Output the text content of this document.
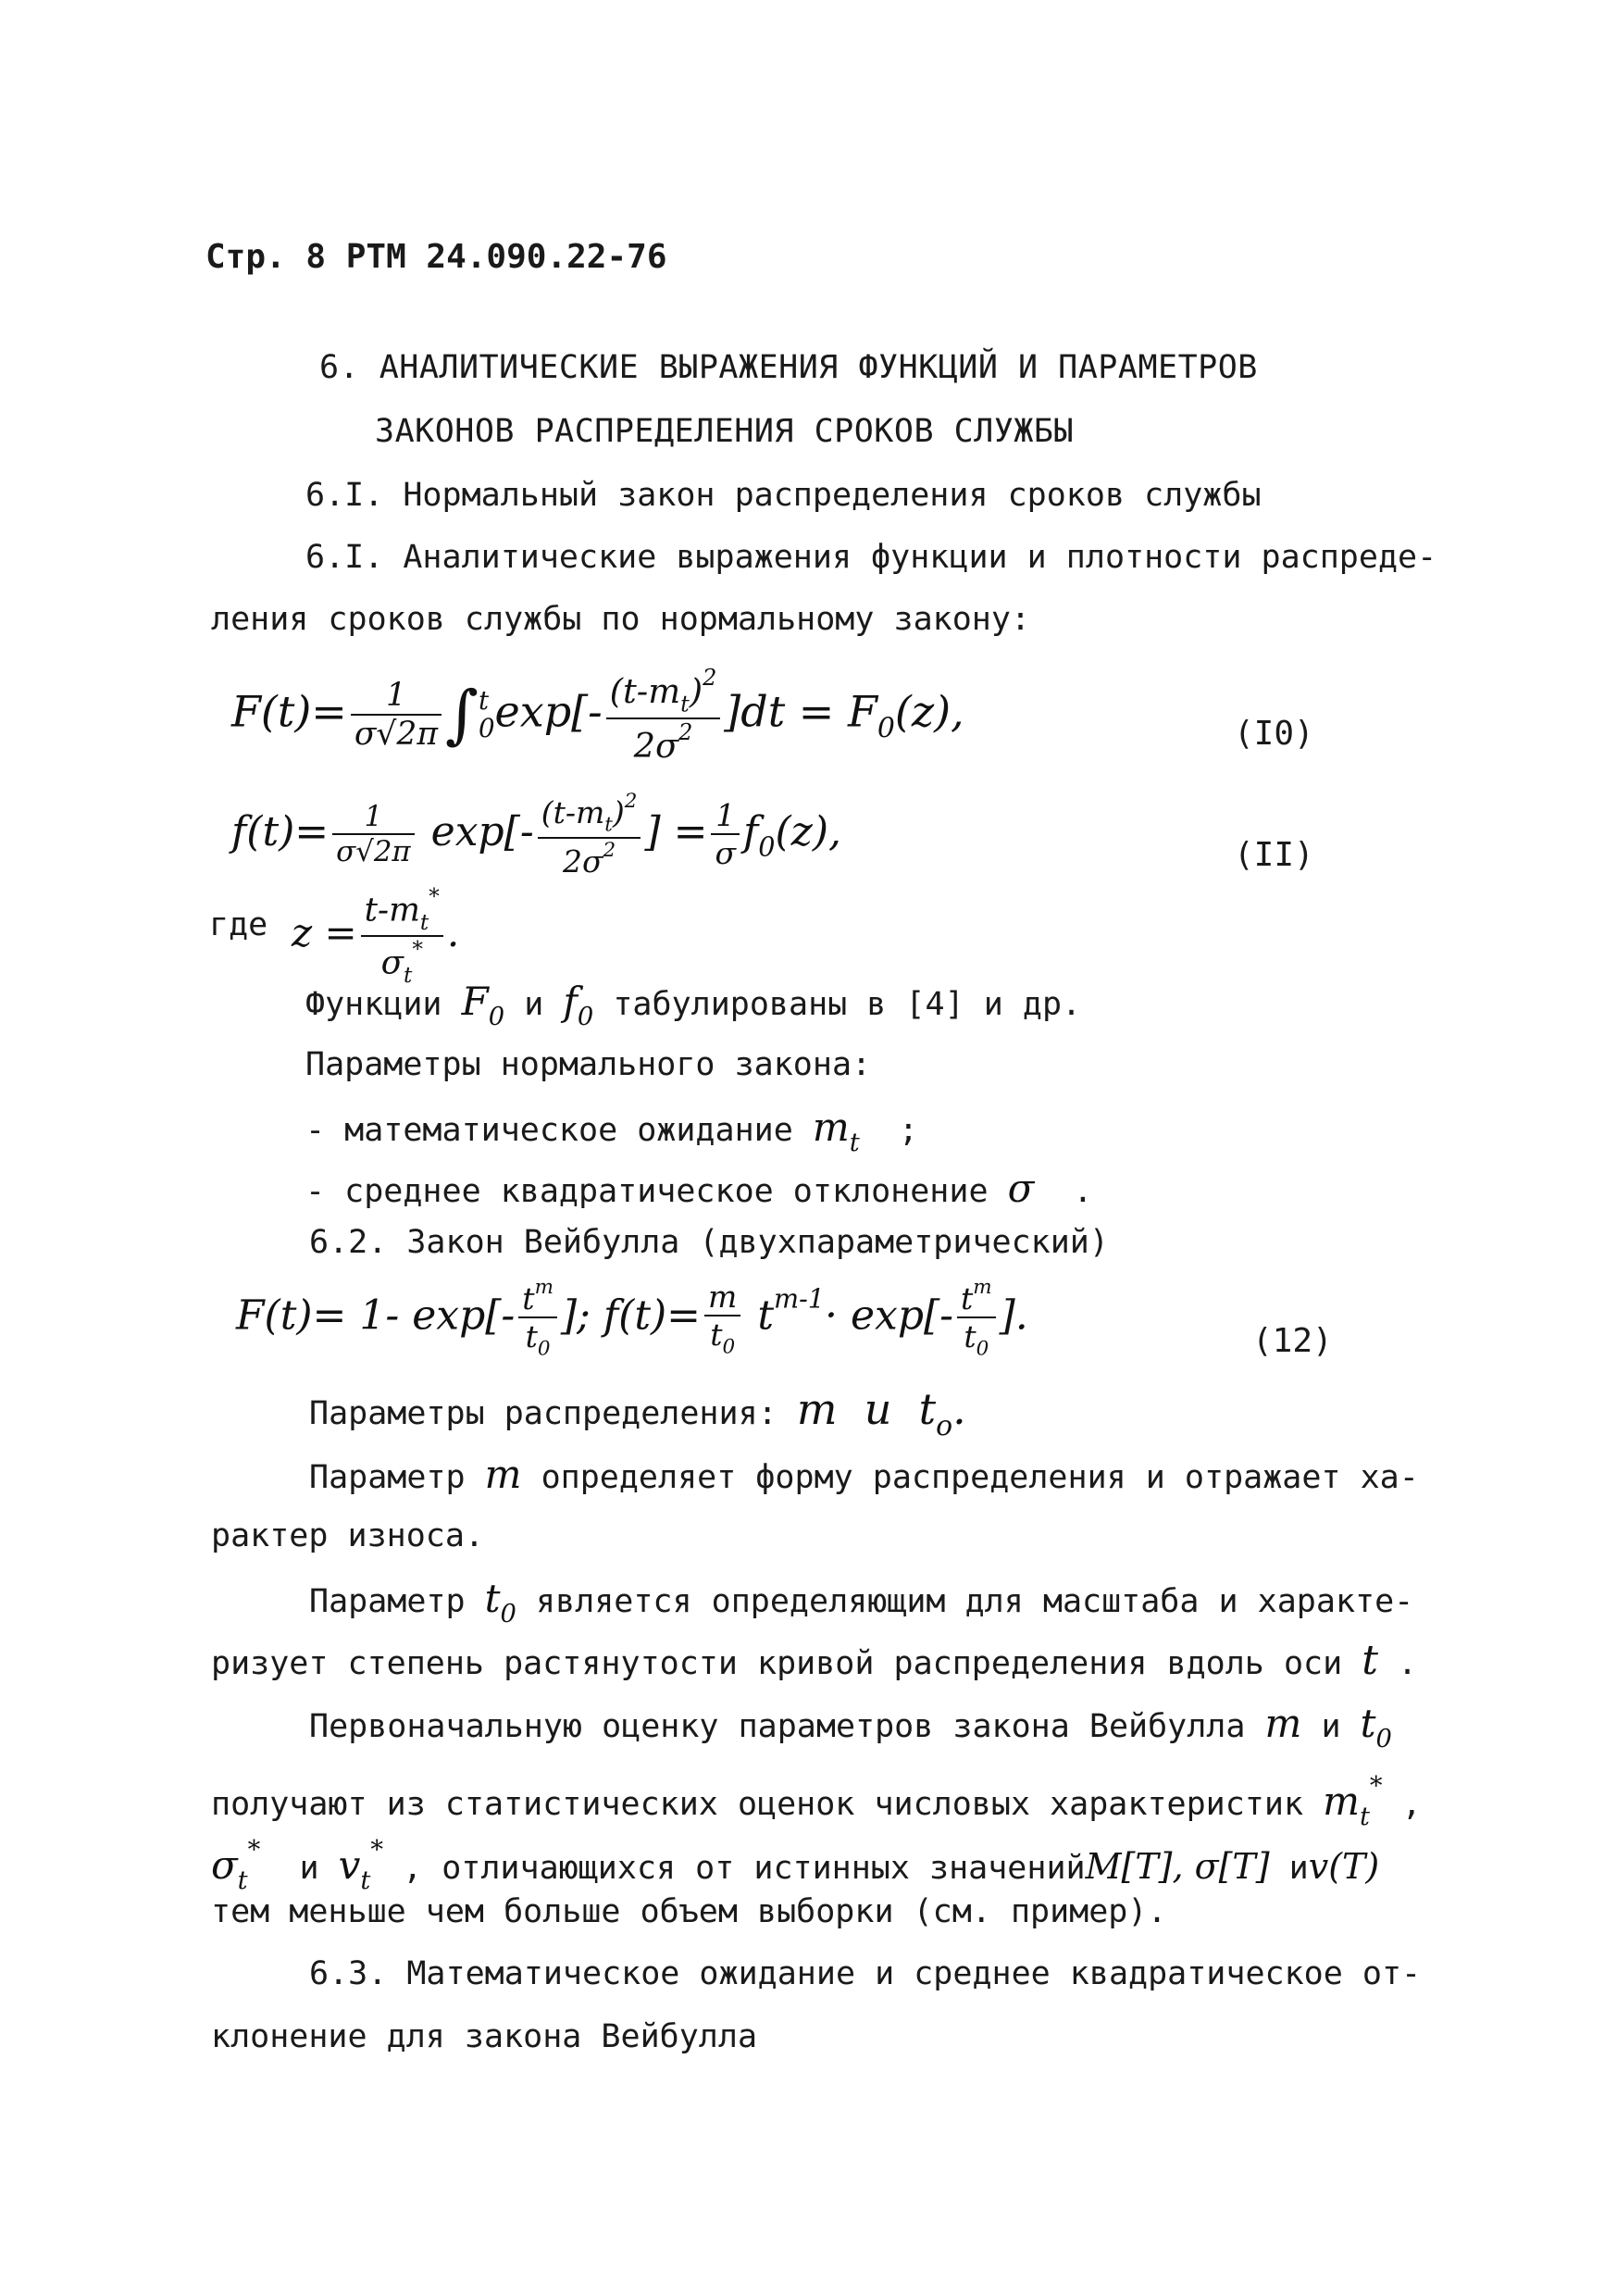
Стр. 8 РТМ 24.090.22-76
6. АНАЛИТИЧЕСКИЕ ВЫРАЖЕНИЯ ФУНКЦИЙ И ПАРАМЕТРОВ
ЗАКОНОВ РАСПРЕДЕЛЕНИЯ СРОКОВ СЛУЖБЫ
6.I. Нормальный закон распределения сроков службы
6.I. Аналитические выражения функции и плотности распреде-
ления сроков службы по нормальному закону:
$F(t)= \frac{1}{\sigma√2\pi}$ ∫ t
0 $\exp[- \frac{(t-m_t)^2}{2\sigma^2} ]dt = F_0(z)$,	(I0)
$f(t)= \frac{1}{\sigma√2\pi} \exp[- \frac{(t-m_t)^2}{2\sigma^2}$ ] = $\frac{1}{\sigma} f_0(z)$,	(II)
где $z = \frac{t-m_t^*}{\sigma_t^*}$ .
Функции $F_0$ и $f_0$ табулированы в [4] и др.
Параметры нормального закона:
- математическое ожидание $m_t$ ;
- среднее квадратическое отклонение σ .
6.2. Закон Вейбулла (двухпараметрический)
F(t)= 1- $\exp[- \frac{t^m}{t_0}$ ]; $f(t)= \frac{m}{t_0} t^{m-1}\cdot \exp[- \frac{t^m}{t_0}$ ].
(12)
Параметры распределения: m u $t_o$.
Параметр m определяет форму распределения и отражает ха-
рактер износа.
Параметр $t_0$ является определяющим для масштаба и характе-
ризует степень растянутости кривой распределения вдоль оси t .
Первоначальную оценку параметров закона Вейбулла m и $t_0$
получают из статистических оценок числовых характеристик $m_t^*$ ,
$\sigma_t^*$ и $v_t^*$ , отличающихся от истинных значенийM[T], σ[T] иv(T)
тем меньше чем больше объем выборки (см. пример).
6.3. Математическое ожидание и среднее квадратическое от-
клонение для закона Вейбулла
